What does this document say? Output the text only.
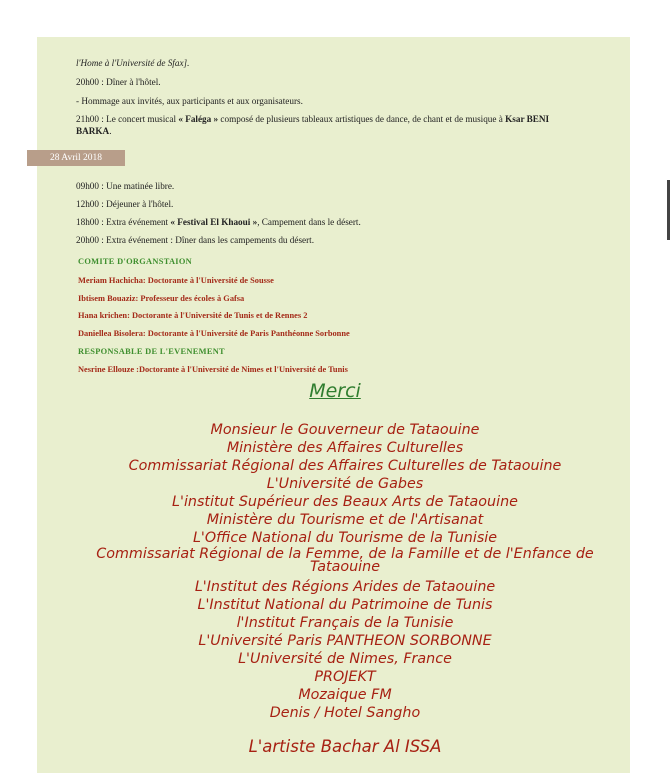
l'Home à l'Université de Sfax].
20h00 : Dîner à l'hôtel.
- Hommage aux invités, aux participants et aux organisateurs.
21h00 : Le concert musical « Faléga » composé de plusieurs tableaux artistiques de dance, de chant et de musique à Ksar BENI BARKA.
28 Avril 2018
09h00 : Une matinée libre.
12h00 : Déjeuner à l'hôtel.
18h00 : Extra événement « Festival El Khaoui », Campement dans le désert.
20h00 : Extra événement : Dîner dans les campements du désert.
COMITE D'ORGANSTAION
Meriam Hachicha: Doctorante à l'Université de Sousse
Ibtisem Bouaziz: Professeur des écoles à Gafsa
Hana krichen: Doctorante à l'Université de Tunis et de Rennes 2
Daniellea Bisolera: Doctorante à l'Université de Paris Panthéonne Sorbonne
RESPONSABLE DE L'EVENEMENT
Nesrine Ellouze :Doctorante à l'Université de Nimes et l'Université de Tunis
Merci
Monsieur le Gouverneur de Tataouine
Ministère des Affaires Culturelles
Commissariat Régional des Affaires Culturelles de Tataouine
L'Université de Gabes
L'institut Supérieur des Beaux Arts de Tataouine
Ministère du Tourisme et de l'Artisanat
L'Office National du Tourisme de la Tunisie
Commissariat Régional de la Femme, de la Famille et de l'Enfance de Tataouine
L'Institut des Régions Arides de Tataouine
L'Institut National du Patrimoine de Tunis
l'Institut Français de la Tunisie
L'Université Paris PANTHEON SORBONNE
L'Université de Nimes, France
PROJEKT
Mozaique FM
Denis / Hotel Sangho
L'artiste Bachar Al ISSA
